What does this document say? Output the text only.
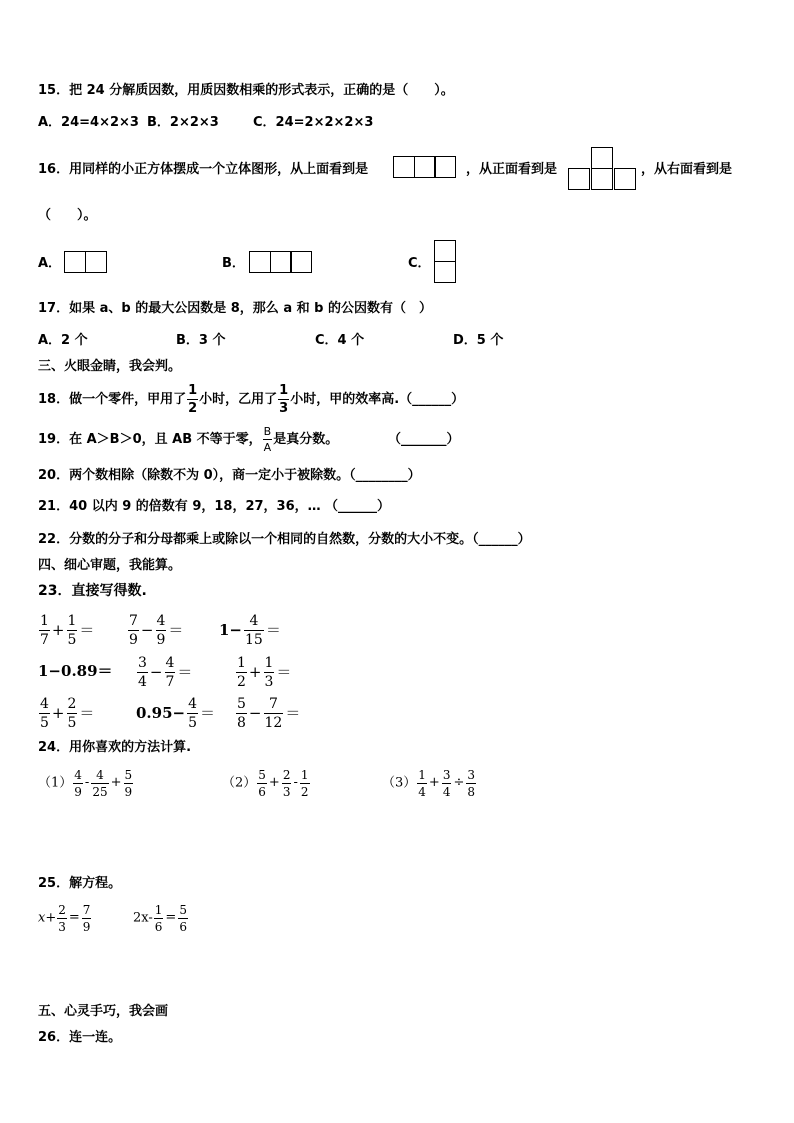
15．把 24 分解质因数，用质因数相乘的形式表示，正确的是（　　）。
A．24=4×2×3 B．2×2×3	C．24=2×2×2×3
16．用同样的小正方体摆成一个立体图形，从上面看到是	，从正面看到是	，从右面看到是
（　　）。
A．	B．	C．
17．如果 a、b 的最大公因数是 8，那么 a 和 b 的公因数有（　）
A．2 个	B．3 个	C．4 个	D．5 个
三、火眼金睛，我会判。
18．做一个零件，甲用了 $\frac{1}{2}$ 小时，乙用了 $\frac{1}{3}$ 小时，甲的效率高.（______）
19．在 A＞B＞0，且 AB 不等于零， $\frac{B}{A}$ 是真分数。	（_______）
20．两个数相除（除数不为 0），商一定小于被除数。（________）
21．40 以内 9 的倍数有 9，18，27，36，… （______）
22．分数的分子和分母都乘上或除以一个相同的自然数，分数的大小不变。（______）
四、细心审题，我能算。
23．直接写得数.
$\frac{1}{7} + \frac{1}{5} = \frac{7}{9} - \frac{4}{9} = 1- \frac{4}{15}$ ＝
$1-0.89= \frac{3}{4} - \frac{4}{7}$ ＝	$\frac{1}{2} + \frac{1}{3}$ ＝
$\frac{4}{5} + \frac{2}{5}$ ＝	$0.95- \frac{4}{5} = \frac{5}{8} - \frac{7}{12}$ ＝
24．用你喜欢的方法计算.
$(1) \frac{4}{9} - \frac{4}{25} + \frac{5}{9}$	$(2) \frac{5}{6} + \frac{2}{3} - \frac{1}{2}$	$(3) \frac{1}{4} + \frac{3}{4} \div \frac{3}{8}$
25．解方程。
$x+ \frac{2}{3} = \frac{7}{9}$	$2x- \frac{1}{6} = \frac{5}{6}$
五、心灵手巧，我会画
26．连一连。
